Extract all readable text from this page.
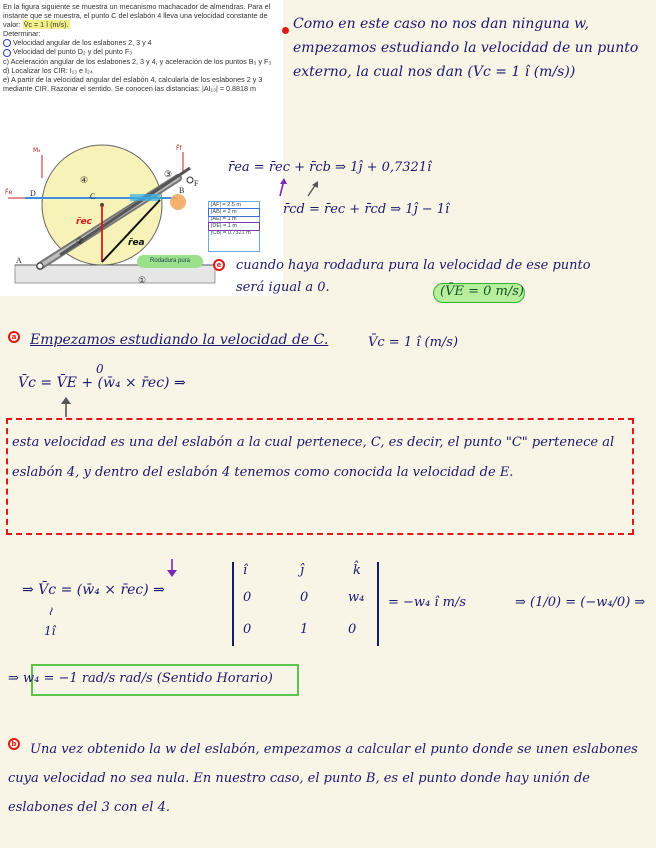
En la figura siguiente se muestra un mecanismo machacador de almendras. Para el instante que se muestra, el punto C del eslabón 4 lleva una velocidad constante de valor: V̄c = 1 î (m/s).

Determinar:

Velocidad angular de los eslabones 2, 3 y 4

Velocidad del punto D₂ y del punto F₃

c) Aceleración angular de los eslabones 2, 3 y 4, y aceleración de los puntos B₃ y F₃

d) Localizar los CIR: I₁₃ e I₂₄

e) A partir de la velocidad angular del eslabón 4, calcularla de los eslabones 2 y 3 mediante CIR. Razonar el sentido. Se conocen las distancias: |AI₁₃| = 0.8818 m

M₄	F̄f
F̄e D	C
B
F
A
④
③
②
①
r̄ec
r̄ea
|AF| = 2.5 m
|AB| = 2 m
|AE| = 1 m
|DE| = 1 m
|CB| = 0.7321 m
Rodadura pura
Como en este caso no nos dan ninguna w, empezamos estudiando la velocidad de un punto externo, la cual nos dan (Vc = 1 î (m/s))
r̄ea = r̄ec + r̄cb ⇒ 1ĵ + 0,7321î
r̄cd = r̄ec + r̄cd ⇒ 1ĵ − 1î
e cuando haya rodadura pura la velocidad de ese punto será igual a 0.	(V̄E = 0 m/s)
a Empezamos estudiando la velocidad de C.	V̄c = 1 î (m/s)
V̄c = V̄E + (w̄₄ × r̄ec) ⇒
0
esta velocidad es una del eslabón a la cual pertenece, C, es decir, el punto "C" pertenece al eslabón 4, y dentro del eslabón 4 tenemos como conocida la velocidad de E.
⇒ V̄c = (w̄₄ × r̄ec) ⇒
≀
1î
î	ĵ	k̂
0	0	w₄
0	1	0
= −w₄ î m/s	⇒ (1/0) = (−w₄/0) ⇒
⇒ w₄ = −1 rad/s rad/s (Sentido Horario)
b	Una vez obtenido la w del eslabón, empezamos a calcular el punto donde se unen eslabones cuya velocidad no sea nula. En nuestro caso, el punto B, es el punto donde hay unión de eslabones del 3 con el 4.
